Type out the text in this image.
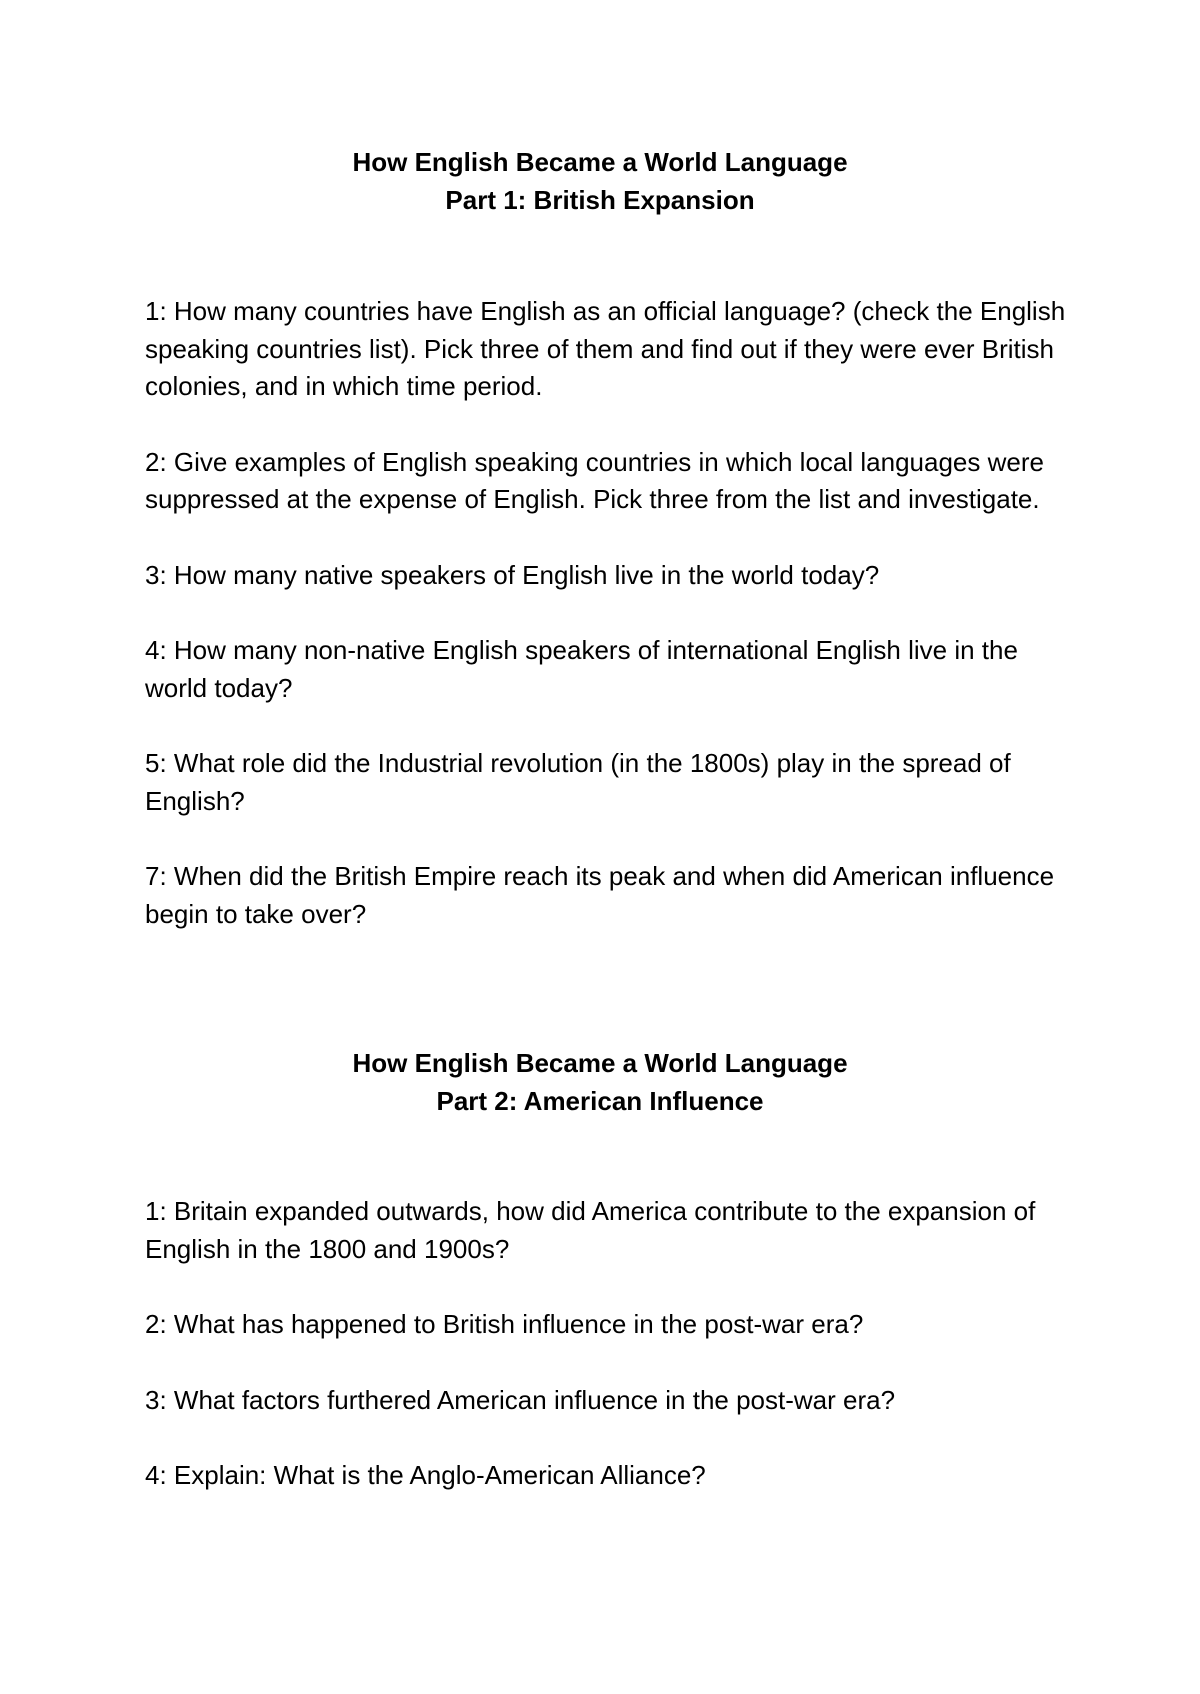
How English Became a World Language
Part 1: British Expansion

1: How many countries have English as an official language? (check the English speaking countries list). Pick three of them and find out if they were ever British colonies, and in which time period.

2: Give examples of English speaking countries in which local languages were suppressed at the expense of English. Pick three from the list and investigate.

3: How many native speakers of English live in the world today?

4: How many non-native English speakers of international English live in the world today?

5: What role did the Industrial revolution (in the 1800s) play in the spread of English?

7: When did the British Empire reach its peak and when did American influence begin to take over?

How English Became a World Language
Part 2: American Influence

1: Britain expanded outwards, how did America contribute to the expansion of English in the 1800 and 1900s?

2: What has happened to British influence in the post-war era?

3: What factors furthered American influence in the post-war era?

4: Explain: What is the Anglo-American Alliance?
